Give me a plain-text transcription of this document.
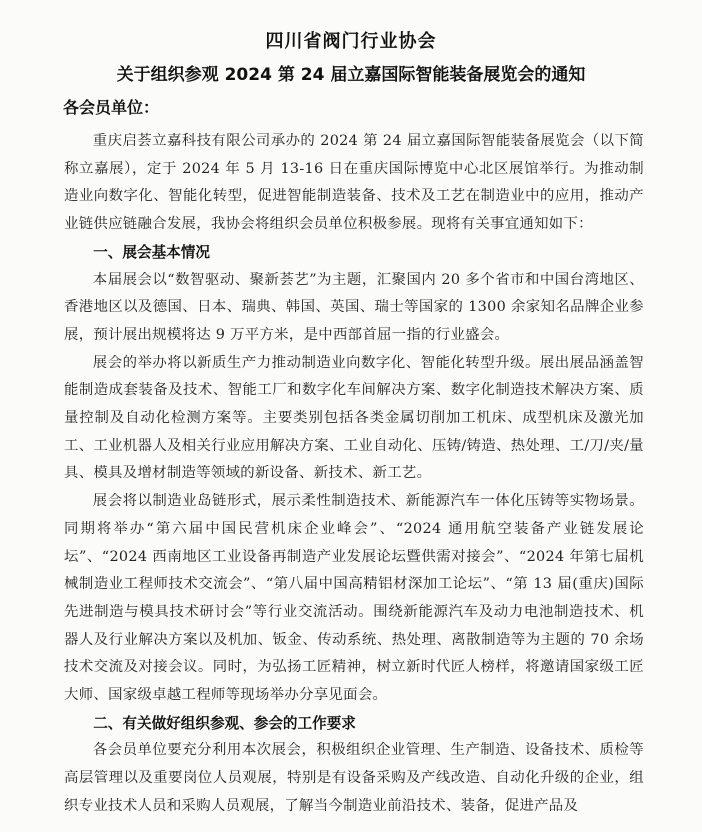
四川省阀门行业协会
关于组织参观 2024 第 24 届立嘉国际智能装备展览会的通知
各会员单位：

重庆启荟立嘉科技有限公司承办的 2024 第 24 届立嘉国际智能装备展览会（以下简称立嘉展），定于 2024 年 5 月 13-16 日在重庆国际博览中心北区展馆举行。为推动制造业向数字化、智能化转型，促进智能制造装备、技术及工艺在制造业中的应用，推动产业链供应链融合发展，我协会将组织会员单位积极参展。现将有关事宜通知如下：

一、展会基本情况

本届展会以“数智驱动、聚新荟艺”为主题，汇聚国内 20 多个省市和中国台湾地区、香港地区以及德国、日本、瑞典、韩国、英国、瑞士等国家的 1300 余家知名品牌企业参展，预计展出规模将达 9 万平方米，是中西部首屈一指的行业盛会。

展会的举办将以新质生产力推动制造业向数字化、智能化转型升级。展出展品涵盖智能制造成套装备及技术、智能工厂和数字化车间解决方案、数字化制造技术解决方案、质量控制及自动化检测方案等。主要类别包括各类金属切削加工机床、成型机床及激光加工、工业机器人及相关行业应用解决方案、工业自动化、压铸/铸造、热处理、工/刀/夹/量具、模具及增材制造等领域的新设备、新技术、新工艺。

展会将以制造业岛链形式，展示柔性制造技术、新能源汽车一体化压铸等实物场景。同期将举办“第六届中国民营机床企业峰会”、“2024 通用航空装备产业链发展论坛”、“2024 西南地区工业设备再制造产业发展论坛暨供需对接会”、“2024 年第七届机械制造业工程师技术交流会”、“第八届中国高精铝材深加工论坛”、“第 13 届(重庆)国际先进制造与模具技术研讨会”等行业交流活动。围绕新能源汽车及动力电池制造技术、机器人及行业解决方案以及机加、钣金、传动系统、热处理、离散制造等为主题的 70 余场技术交流及对接会议。同时，为弘扬工匠精神，树立新时代匠人榜样，将邀请国家级工匠大师、国家级卓越工程师等现场举办分享见面会。

二、有关做好组织参观、参会的工作要求

各会员单位要充分利用本次展会，积极组织企业管理、生产制造、设备技术、质检等高层管理以及重要岗位人员观展，特别是有设备采购及产线改造、自动化升级的企业，组织专业技术人员和采购人员观展，了解当今制造业前沿技术、装备，促进产品及
